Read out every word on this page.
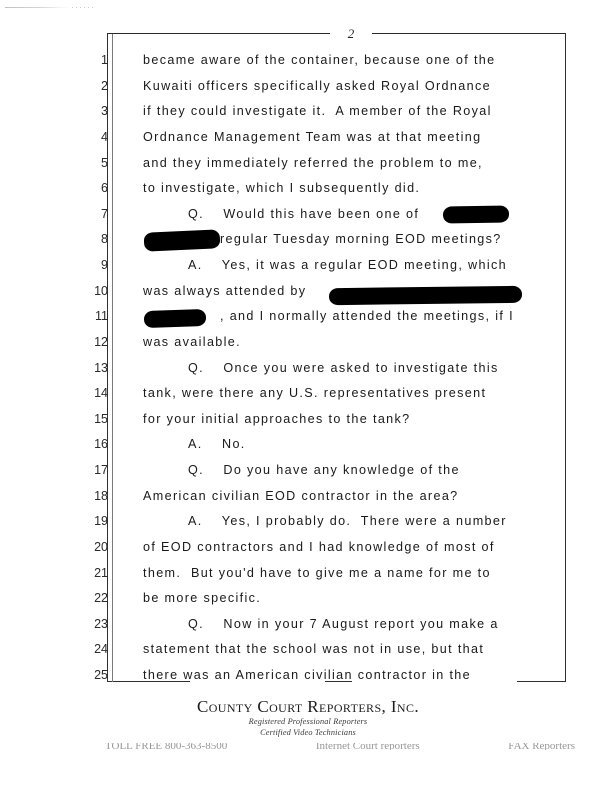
2
1
2
3
4
5
6
7
8
9
10
11
12
13
14
15
16
17
18
19
20
21
22
23
24
25
became aware of the container, because one of the
Kuwaiti officers specifically asked Royal Ordnance
if they could investigate it.  A member of the Royal
Ordnance Management Team was at that meeting
and they immediately referred the problem to me,
to investigate, which I subsequently did.
Q.    Would this have been one of
regular Tuesday morning EOD meetings?
A.    Yes, it was a regular EOD meeting, which
was always attended by
, and I normally attended the meetings, if I
was available.
Q.    Once you were asked to investigate this
tank, were there any U.S. representatives present
for your initial approaches to the tank?
A.    No.
Q.    Do you have any knowledge of the
American civilian EOD contractor in the area?
A.    Yes, I probably do.  There were a number
of EOD contractors and I had knowledge of most of
them.  But you'd have to give me a name for me to
be more specific.
Q.    Now in your 7 August report you make a
statement that the school was not in use, but that
there was an American civilian contractor in the
County Court Reporters, Inc.
Registered Professional Reporters
Certified Video Technicians
TOLL FREE 800-363-8500	Internet Court reporters	FAX Reporters
